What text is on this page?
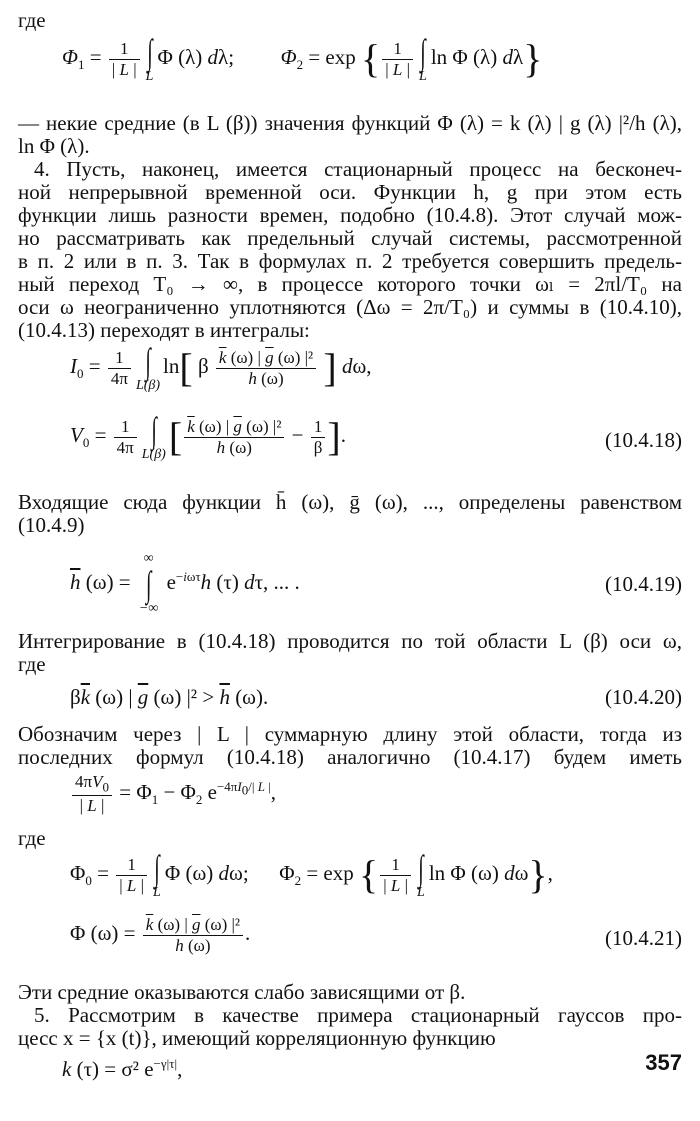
где
$\Phi_1 = \frac{1}{| L |}$ ∫
L
Φ (λ) dλ;  $\Phi_2 = \exp$ { $\frac{1}{| L |}$ ∫
L
ln Φ (λ) dλ}
— некие средние (в L (β)) значения функций Φ (λ) = k (λ) | g (λ) |²/h (λ),
ln Φ (λ).
4. Пусть, наконец, имеется стационарный процесс на бесконеч-
ной непрерывной временной оси. Функции h, g при этом есть
функции лишь разности времен, подобно (10.4.8). Этот случай мож-
но рассматривать как предельный случай системы, рассмотренной
в п. 2 или в п. 3. Так в формулах п. 2 требуется совершить предель-
ный переход T₀ → ∞, в процессе которого точки ωₗ = 2πl/T₀ на
оси ω неограниченно уплотняются (Δω = 2π/T₀) и суммы в (10.4.10),
(10.4.13) переходят в интегралы:
$I_0 = \frac{1}{4\pi}$ ∫
L(β)
ln[ β $\frac{\overline{k} (\omega) | \overline{g} (\omega) |^2}{\overline{h} (\omega)}$ ] dω,
$V_0 = \frac{1}{4\pi}$ ∫
L(β) [ $\frac{\overline{k} (\omega) | \overline{g} (\omega) |^2}{\overline{h} (\omega)} - \frac{1}{\beta}$ ].	(10.4.18)
Входящие сюда функции h̄ (ω), ḡ (ω), ..., определены равенством
(10.4.9)
$\overline{h}$ (ω) =
∞
∫
−∞
$e^{-i\omega\tau}h$ (τ) dτ, ... .	(10.4.19)
Интегрирование в (10.4.18) проводится по той области L (β) оси ω,
где
$\beta\overline{k}$ (ω) | $\overline{g}$ (ω) $|^2 > \overline{h}$ (ω).	(10.4.20)
Обозначим через | L | суммарную длину этой области, тогда из
последних формул (10.4.18) аналогично (10.4.17) будем иметь
$\frac{4\pi V_0}{| L |} = \Phi_1 - \Phi_2$ $e^{-4\pi I_0/| L |}$,
где
$\Phi_0 = \frac{1}{| L |}$ ∫
L
Φ (ω) dω;  $\Phi_2 = \exp$ { $\frac{1}{| L |}$ ∫
L
ln Φ (ω) dω},
Φ $(\omega) = \frac{\overline{k} (\omega) | \overline{g} (\omega) |^2}{\overline{h} (\omega)}$ .	(10.4.21)
Эти средние оказываются слабо зависящими от β.
5. Рассмотрим в качестве примера стационарный гауссов про-
цесс x = {x (t)}, имеющий корреляционную функцию
k (τ) = σ² $e^{-\gamma|\tau|}$,	357
